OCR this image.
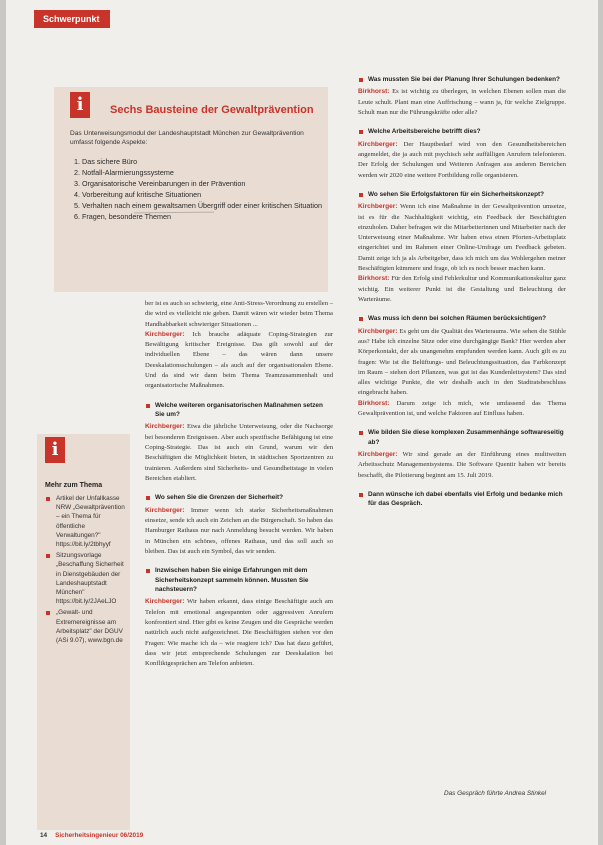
Schwerpunkt
i	Sechs Bausteine der Gewaltprävention
Das Unterweisungsmodul der Landeshauptstadt München zur Gewaltprävention umfasst folgende Aspekte:
1. Das sichere Büro
2. Notfall-Alarmierungssysteme
3. Organisatorische Vereinbarungen in der Prävention
4. Vorbereitung auf kritische Situationen
5. Verhalten nach einem gewaltsamen Übergriff oder einer kritischen Situation
6. Fragen, besondere Themen

ber ist es auch so schwierig, eine Anti-Stress-Verordnung zu erstellen – die wird es vielleicht nie geben. Damit wären wir wieder beim Thema Handhabbarkeit schwieriger Situationen ...

Kirchberger: Ich brauche adäquate Coping-Strategien zur Bewältigung kritischer Ereignisse. Das gilt sowohl auf der individuellen Ebene – das wären dann unsere Deeskalationsschulungen – als auch auf der organisationalen Ebene. Und da sind wir dann beim Thema Teamzusammenhalt und organisatorische Maßnahmen.

Welche weiteren organisatorischen Maßnahmen setzen Sie um?

Kirchberger: Etwa die jährliche Unterweisung, oder die Nachsorge bei besonderen Ereignissen. Aber auch spezifische Befähigung ist eine Coping-Strategie. Das ist auch ein Grund, warum wir den Beschäftigten die Möglichkeit bieten, in städtischen Sportzentren zu trainieren. Außerdem sind Sicherheits- und Gesundheitstage in vielen Bereichen etabliert.

Wo sehen Sie die Grenzen der Sicherheit?

Kirchberger: Immer wenn ich starke Sicherheitsmaßnahmen einsetze, sende ich auch ein Zeichen an die Bürgerschaft. So haben das Hamburger Rathaus nur nach Anmeldung besucht werden. Wir haben in München ein schönes, offenes Rathaus, und das soll auch so bleiben. Das ist auch ein Symbol, das wir senden.

Inzwischen haben Sie einige Erfahrungen mit dem Sicherheitskonzept sammeln können. Mussten Sie nachsteuern?

Kirchberger: Wir haben erkannt, dass einige Beschäftigte auch am Telefon mit emotional angespannten oder aggressiven Anrufern konfrontiert sind. Hier gibt es keine Zeugen und die Gespräche werden natürlich auch nicht aufgezeichnet. Die Beschäftigten stehen vor den Fragen: Wie mache ich da – wie reagiere ich? Das hat dazu geführt, dass wir jetzt entsprechende Schulungen zur Deeskalation bei Konfliktgesprächen am Telefon anbieten.

Was mussten Sie bei der Planung Ihrer Schulungen bedenken?

Birkhorst: Es ist wichtig zu überlegen, in welchen Ebenen sollen man die Leute schult. Plant man eine Auffrischung – wann ja, für welche Zielgruppe. Schult man nur die Führungskräfte oder alle?

Welche Arbeitsbereiche betrifft dies?

Kirchberger: Der Hauptbedarf wird von den Gesundheitsbereichen angemeldet, die ja auch mit psychisch sehr auffälligen Anrufern telefonieren. Der Erfolg der Schulungen und Weiteren Anfragen aus anderen Bereichen werden wir 2020 eine weitere Fortbildung rolle organisieren.

Wo sehen Sie Erfolgsfaktoren für ein Sicherheitskonzept?

Kirchberger: Wenn ich eine Maßnahme in der Gewaltprävention umsetze, ist es für die Nachhaltigkeit wichtig, ein Feedback der Beschäftigten einzuholen. Daher befragen wir die Mitarbeiterinnen und Mitarbeiter nach der Unterweisung einer Maßnahme. Wir haben etwa einen Pforten-Arbeitsplatz eingerichtet und im Rahmen einer Online-Umfrage um Feedback gebeten. Damit zeige ich ja als Arbeitgeber, dass ich mich um das Wohlergehen meiner Beschäftigten kümmere und frage, ob ich es noch besser machen kann.

Birkhorst: Für den Erfolg sind Fehlerkultur und Kommunikationskultur ganz wichtig. Ein weiterer Punkt ist die Gestaltung und Beleuchtung der Warteräume.

Was muss ich denn bei solchen Räumen berücksichtigen?

Kirchberger: Es geht um die Qualität des Warteraums. Wie sehen die Stühle aus? Habe ich einzelne Sitze oder eine durchgängige Bank? Hier werden aber Körperkontakt, der als unangenehm empfunden werden kann. Auch gilt es zu fragen: Wie ist die Belüftungs- und Beleuchtungssituation, das Farbkonzept im Raum – stehen dort Pflanzen, was gut ist das Kundenleitsystem? Das sind alles wichtige Punkte, die wir deshalb auch in den Stadtratsbeschluss eingebracht haben.

Birkhorst: Darum zeige ich mich, wie umfassend das Thema Gewaltprävention ist, und welche Faktoren auf Einfluss haben.

Wie bilden Sie diese komplexen Zusammenhänge softwareseitig ab?

Kirchberger: Wir sind gerade an der Einführung eines multiweiten Arbeitsschutz Managementsystems. Die Software Quentir haben wir bereits beschafft, die Pilotierung beginnt am 15. Juli 2019.

Dann wünsche ich dabei ebenfalls viel Erfolg und bedanke mich für das Gespräch.
i
Mehr zum Thema
Artikel der Unfallkasse NRW „Gewaltprävention – ein Thema für öffentliche Verwaltungen?" https://bit.ly/2tbhyyf
Sitzungsvorlage „Beschaffung Sicherheit in Dienstgebäuden der Landeshauptstadt München" https://bit.ly/2JAeLJO
„Gewalt- und Extremereignisse am Arbeitsplatz" der DGUV (ASi 9.07), www.bgn.de
Das Gespräch führte Andrea Stinkel
14 Sicherheitsingenieur 06/2019
